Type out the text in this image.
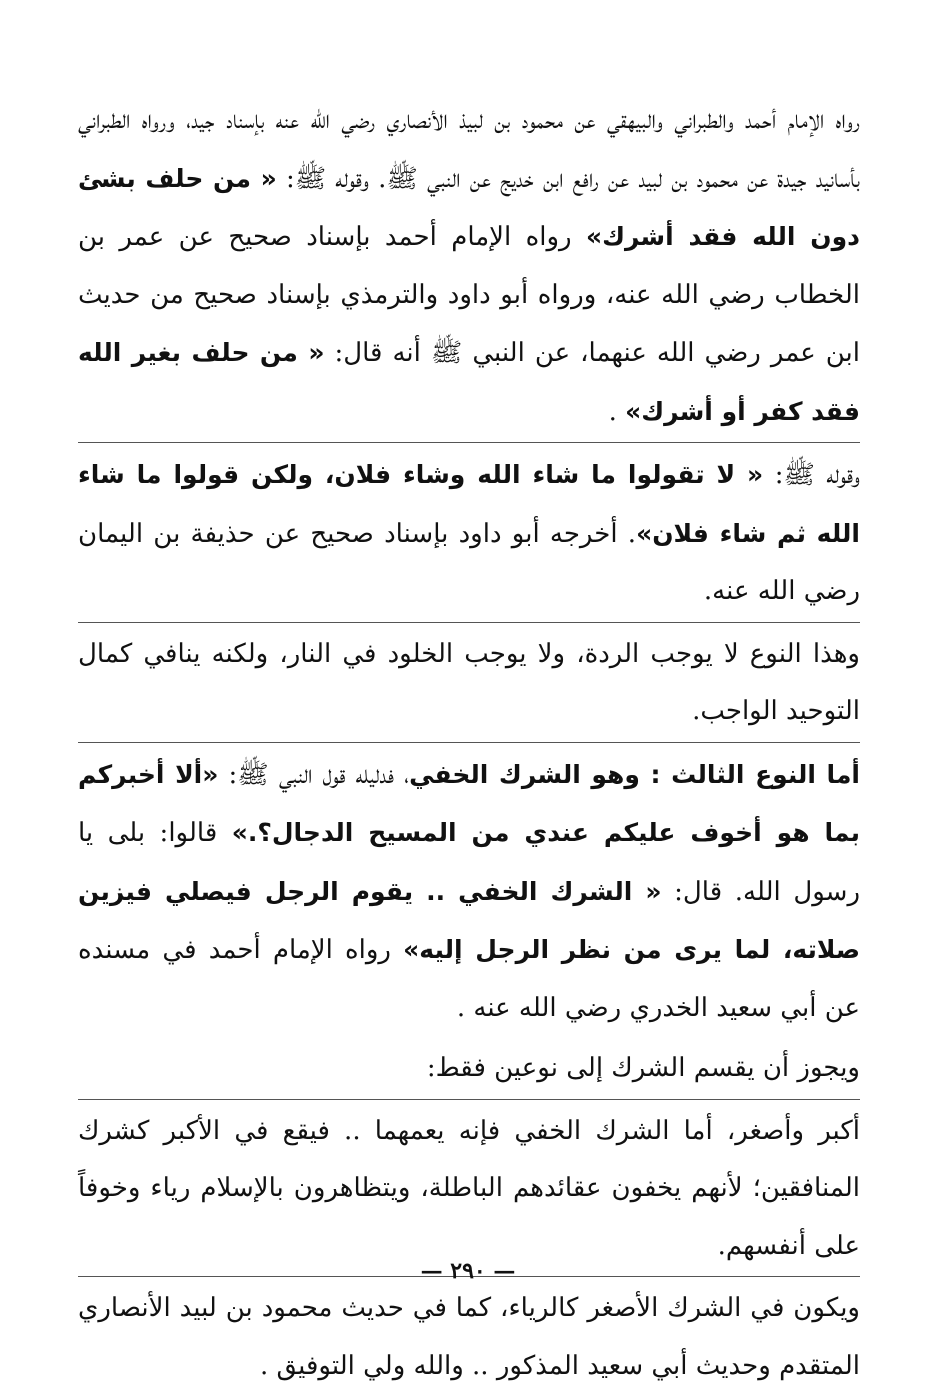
رواه الإمام أحمد والطبراني والبيهقي عن محمود بن لبيذ الأنصاري رضي الله عنه بإسناد جيد، ورواه الطبراني بأسانيد جيدة عن محمود بن لبيد عن رافع ابن خديج عن النبي ﷺ. وقوله ﷺ: « من حلف بشئ دون الله فقد أشرك» رواه الإمام أحمد بإسناد صحيح عن عمر بن الخطاب رضي الله عنه، ورواه أبو داود والترمذي بإسناد صحيح من حديث ابن عمر رضي الله عنهما، عن النبي ﷺ أنه قال: « من حلف بغير الله فقد كفر أو أشرك» .

وقوله ﷺ: « لا تقولوا ما شاء الله وشاء فلان، ولكن قولوا ما شاء الله ثم شاء فلان». أخرجه أبو داود بإسناد صحيح عن حذيفة بن اليمان رضي الله عنه.

وهذا النوع لا يوجب الردة، ولا يوجب الخلود في النار، ولكنه ينافي كمال التوحيد الواجب.

أما النوع الثالث : وهو الشرك الخفي، فدليله قول النبي ﷺ: «ألا أخبركم بما هو أخوف عليكم عندي من المسيح الدجال؟.» قالوا: بلى يا رسول الله. قال: « الشرك الخفي .. يقوم الرجل فيصلي فيزين صلاته، لما يرى من نظر الرجل إليه» رواه الإمام أحمد في مسنده عن أبي سعيد الخدري رضي الله عنه .

ويجوز أن يقسم الشرك إلى نوعين فقط:

أكبر وأصغر، أما الشرك الخفي فإنه يعمهما .. فيقع في الأكبر كشرك المنافقين؛ لأنهم يخفون عقائدهم الباطلة، ويتظاهرون بالإسلام رياء وخوفاً على أنفسهم.

ويكون في الشرك الأصغر كالرياء، كما في حديث محمود بن لبيد الأنصاري المتقدم وحديث أبي سعيد المذكور .. والله ولي التوفيق .

— ٢٩٠ —
